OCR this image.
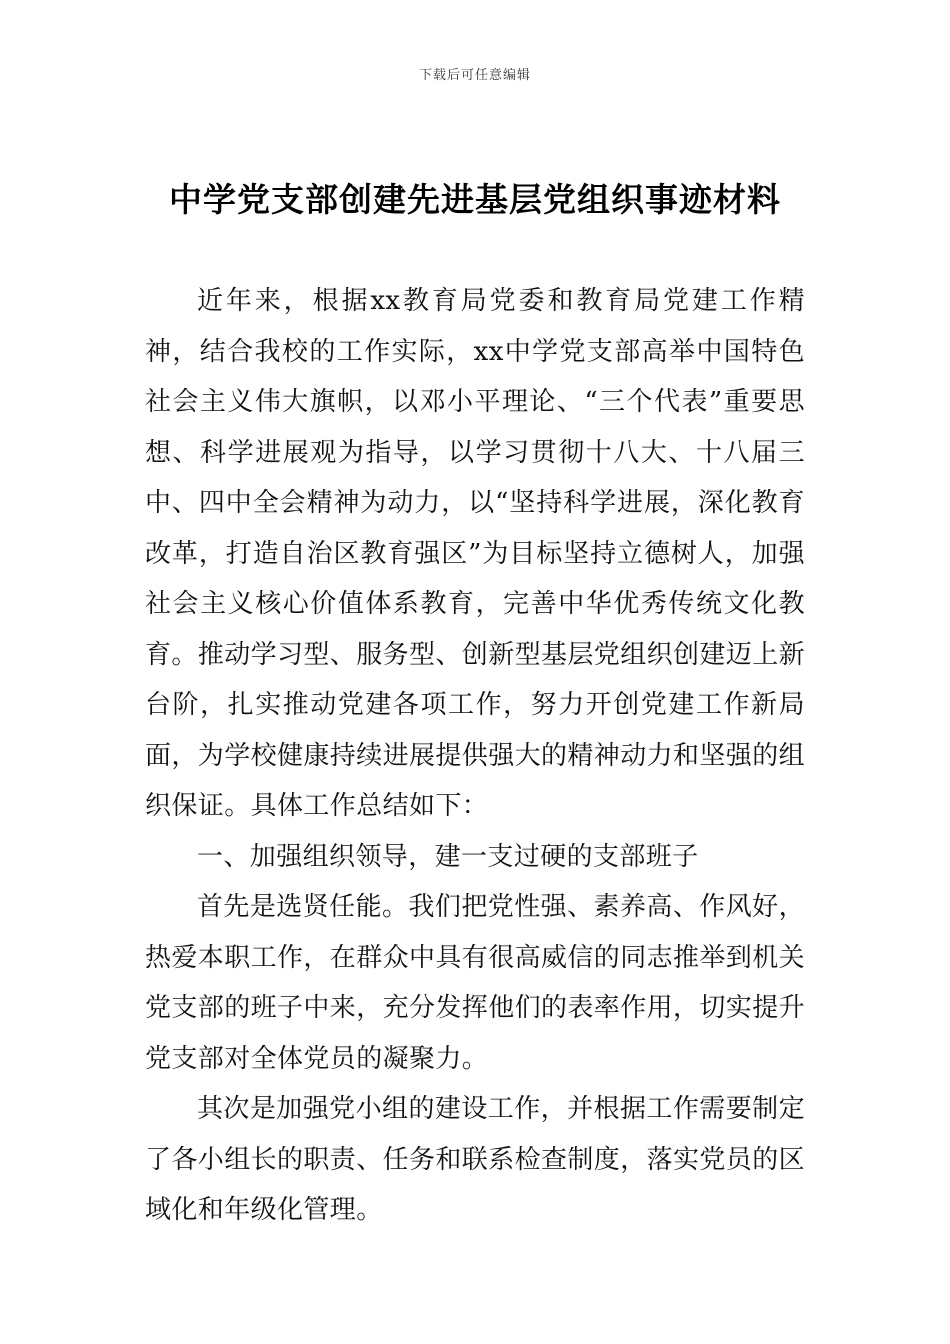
下载后可任意编辑
中学党支部创建先进基层党组织事迹材料

近年来，根据xx教育局党委和教育局党建工作精神，结合我校的工作实际，xx中学党支部高举中国特色社会主义伟大旗帜，以邓小平理论、“三个代表”重要思想、科学进展观为指导，以学习贯彻十八大、十八届三中、四中全会精神为动力，以“坚持科学进展，深化教育改革，打造自治区教育强区”为目标坚持立德树人，加强社会主义核心价值体系教育，完善中华优秀传统文化教育。推动学习型、服务型、创新型基层党组织创建迈上新台阶，扎实推动党建各项工作，努力开创党建工作新局面，为学校健康持续进展提供强大的精神动力和坚强的组织保证。具体工作总结如下：

一、加强组织领导，建一支过硬的支部班子

首先是选贤任能。我们把党性强、素养高、作风好，热爱本职工作，在群众中具有很高威信的同志推举到机关党支部的班子中来，充分发挥他们的表率作用，切实提升党支部对全体党员的凝聚力。

其次是加强党小组的建设工作，并根据工作需要制定了各小组长的职责、任务和联系检查制度，落实党员的区域化和年级化管理。
